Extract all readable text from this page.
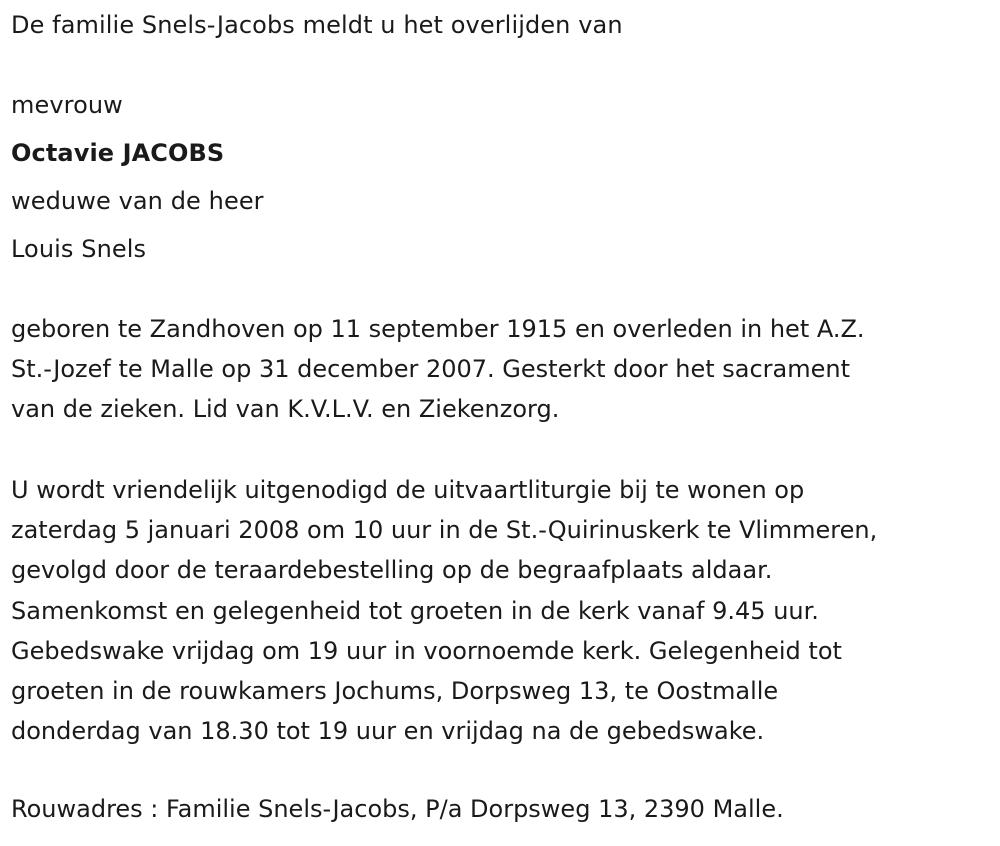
De familie Snels-Jacobs meldt u het overlijden van
mevrouw
Octavie JACOBS
weduwe van de heer
Louis Snels
geboren te Zandhoven op 11 september 1915 en overleden in het A.Z.
St.-Jozef te Malle op 31 december 2007. Gesterkt door het sacrament
van de zieken. Lid van K.V.L.V. en Ziekenzorg.
U wordt vriendelijk uitgenodigd de uitvaartliturgie bij te wonen op
zaterdag 5 januari 2008 om 10 uur in de St.-Quirinuskerk te Vlimmeren,
gevolgd door de teraardebestelling op de begraafplaats aldaar.
Samenkomst en gelegenheid tot groeten in de kerk vanaf 9.45 uur.
Gebedswake vrijdag om 19 uur in voornoemde kerk. Gelegenheid tot
groeten in de rouwkamers Jochums, Dorpsweg 13, te Oostmalle
donderdag van 18.30 tot 19 uur en vrijdag na de gebedswake.
Rouwadres : Familie Snels-Jacobs, P/a Dorpsweg 13, 2390 Malle.
